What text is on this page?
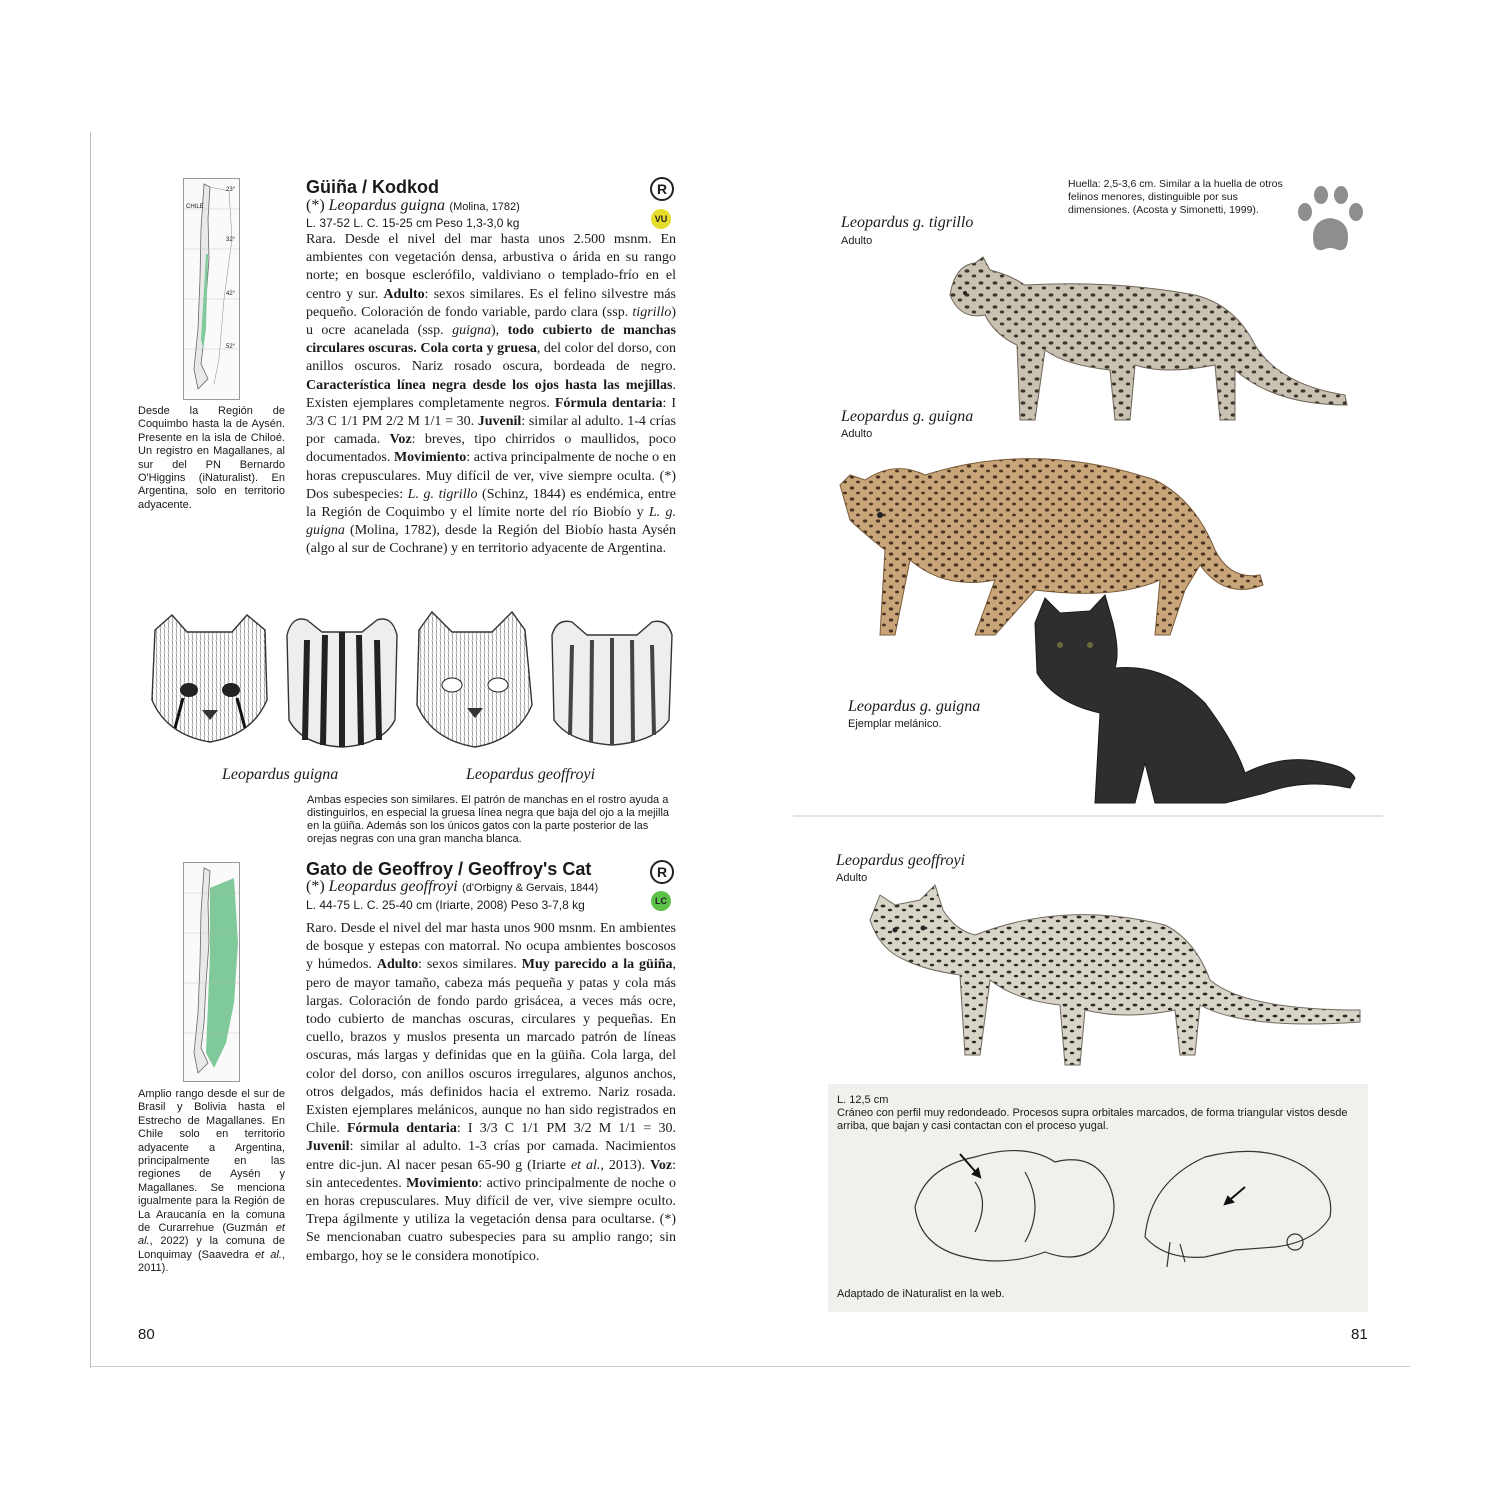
CHILE
23°
32°
42°
52°
Desde la Región de Coquimbo hasta la de Aysén. Presente en la isla de Chiloé. Un registro en Magallanes, al sur del PN Bernardo O'Higgins (iNaturalist). En Argentina, solo en territorio adyacente.
Güiña / Kodkod	R
(*) Leopardus guigna (Molina, 1782)
L. 37-52 L. C. 15-25 cm Peso 1,3-3,0 kg	VU
Rara. Desde el nivel del mar hasta unos 2.500 msnm. En ambientes con vegetación densa, arbustiva o árida en su rango norte; en bosque esclerófilo, valdiviano o templado-frío en el centro y sur. Adulto: sexos similares. Es el felino silvestre más pequeño. Coloración de fondo variable, pardo clara (ssp. tigrillo) u ocre acanelada (ssp. guigna), todo cubierto de manchas circulares oscuras. Cola corta y gruesa, del color del dorso, con anillos oscuros. Nariz rosado oscura, bordeada de negro. Característica línea negra desde los ojos hasta las mejillas. Existen ejemplares completamente negros. Fórmula dentaria: I 3/3 C 1/1 PM 2/2 M 1/1 = 30. Juvenil: similar al adulto. 1-4 crías por camada. Voz: breves, tipo chirridos o maullidos, poco documentados. Movimiento: activa principalmente de noche o en horas crepusculares. Muy difícil de ver, vive siempre oculta. (*) Dos subespecies: L. g. tigrillo (Schinz, 1844) es endémica, entre la Región de Coquimbo y el límite norte del río Biobío y L. g. guigna (Molina, 1782), desde la Región del Biobío hasta Aysén (algo al sur de Cochrane) y en territorio adyacente de Argentina.
Leopardus guigna	Leopardus geoffroyi
Ambas especies son similares. El patrón de manchas en el rostro ayuda a distinguirlos, en especial la gruesa línea negra que baja del ojo a la mejilla en la güiña. Además son los únicos gatos con la parte posterior de las orejas negras con una gran mancha blanca.
Amplio rango desde el sur de Brasil y Bolivia hasta el Estrecho de Magallanes. En Chile solo en territorio adyacente a Argentina, principalmente en las regiones de Aysén y Magallanes. Se menciona igualmente para la Región de La Araucanía en la comuna de Curarrehue (Guzmán et al., 2022) y la comuna de Lonquimay (Saavedra et al., 2011).
Gato de Geoffroy / Geoffroy's Cat	R
(*) Leopardus geoffroyi (d'Orbigny & Gervais, 1844)
L. 44-75 L. C. 25-40 cm (Iriarte, 2008) Peso 3-7,8 kg	LC
Raro. Desde el nivel del mar hasta unos 900 msnm. En ambientes de bosque y estepas con matorral. No ocupa ambientes boscosos y húmedos. Adulto: sexos similares. Muy parecido a la güiña, pero de mayor tamaño, cabeza más pequeña y patas y cola más largas. Coloración de fondo pardo grisácea, a veces más ocre, todo cubierto de manchas oscuras, circulares y pequeñas. En cuello, brazos y muslos presenta un marcado patrón de líneas oscuras, más largas y definidas que en la güiña. Cola larga, del color del dorso, con anillos oscuros irregulares, algunos anchos, otros delgados, más definidos hacia el extremo. Nariz rosada. Existen ejemplares melánicos, aunque no han sido registrados en Chile. Fórmula dentaria: I 3/3 C 1/1 PM 3/2 M 1/1 = 30. Juvenil: similar al adulto. 1-3 crías por camada. Nacimientos entre dic-jun. Al nacer pesan 65-90 g (Iriarte et al., 2013). Voz: sin antecedentes. Movimiento: activo principalmente de noche o en horas crepusculares. Muy difícil de ver, vive siempre oculto. Trepa ágilmente y utiliza la vegetación densa para ocultarse. (*) Se mencionaban cuatro subespecies para su amplio rango; sin embargo, hoy se le considera monotípico.
80
Huella: 2,5-3,6 cm. Similar a la huella de otros felinos menores, distinguible por sus dimensiones. (Acosta y Simonetti, 1999).
Leopardus g. tigrillo
Adulto
Leopardus g. guigna
Adulto
Leopardus g. guigna
Ejemplar melánico.
Leopardus geoffroyi
Adulto
L. 12,5 cm
Cráneo con perfil muy redondeado. Procesos supra orbitales marcados, de forma triangular vistos desde arriba, que bajan y casi contactan con el proceso yugal.
Adaptado de iNaturalist en la web.
81
